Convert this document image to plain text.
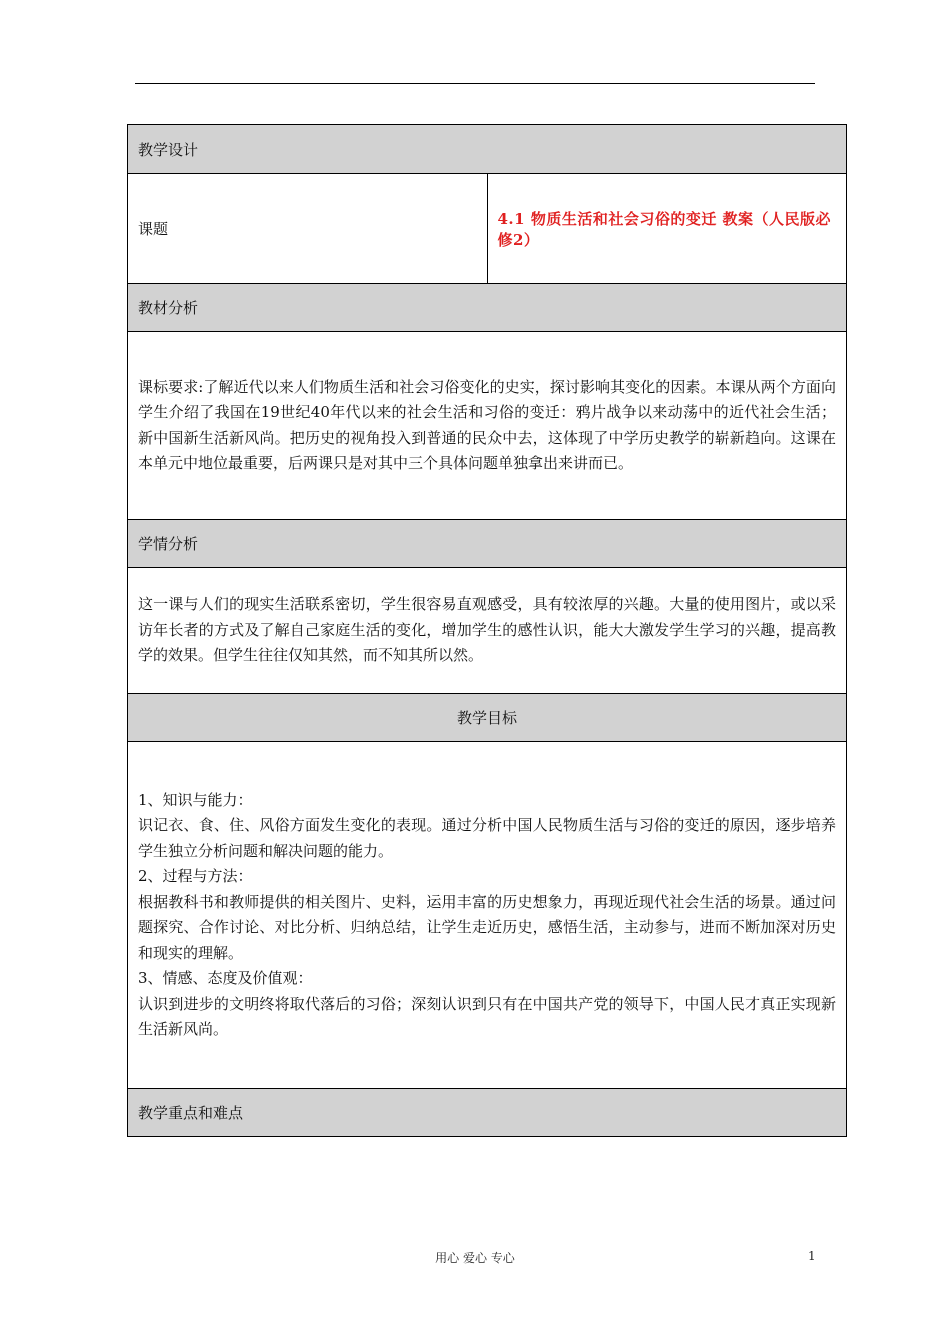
教学设计
课题	4.1 物质生活和社会习俗的变迁 教案（人民版必修2）
教材分析
课标要求:了解近代以来人们物质生活和社会习俗变化的史实，探讨影响其变化的因素。本课从两个方面向学生介绍了我国在19世纪40年代以来的社会生活和习俗的变迁：鸦片战争以来动荡中的近代社会生活；新中国新生活新风尚。把历史的视角投入到普通的民众中去，这体现了中学历史教学的崭新趋向。这课在本单元中地位最重要，后两课只是对其中三个具体问题单独拿出来讲而已。
学情分析
这一课与人们的现实生活联系密切，学生很容易直观感受，具有较浓厚的兴趣。大量的使用图片，或以采访年长者的方式及了解自己家庭生活的变化，增加学生的感性认识，能大大激发学生学习的兴趣，提高教学的效果。但学生往往仅知其然，而不知其所以然。
教学目标

1、知识与能力：
识记衣、食、住、风俗方面发生变化的表现。通过分析中国人民物质生活与习俗的变迁的原因，逐步培养学生独立分析问题和解决问题的能力。
2、过程与方法：
根据教科书和教师提供的相关图片、史料，运用丰富的历史想象力，再现近现代社会生活的场景。通过问题探究、合作讨论、对比分析、归纳总结，让学生走近历史，感悟生活，主动参与，进而不断加深对历史和现实的理解。
3、情感、态度及价值观：
认识到进步的文明终将取代落后的习俗；深刻认识到只有在中国共产党的领导下，中国人民才真正实现新生活新风尚。

教学重点和难点
用心 爱心 专心	1
